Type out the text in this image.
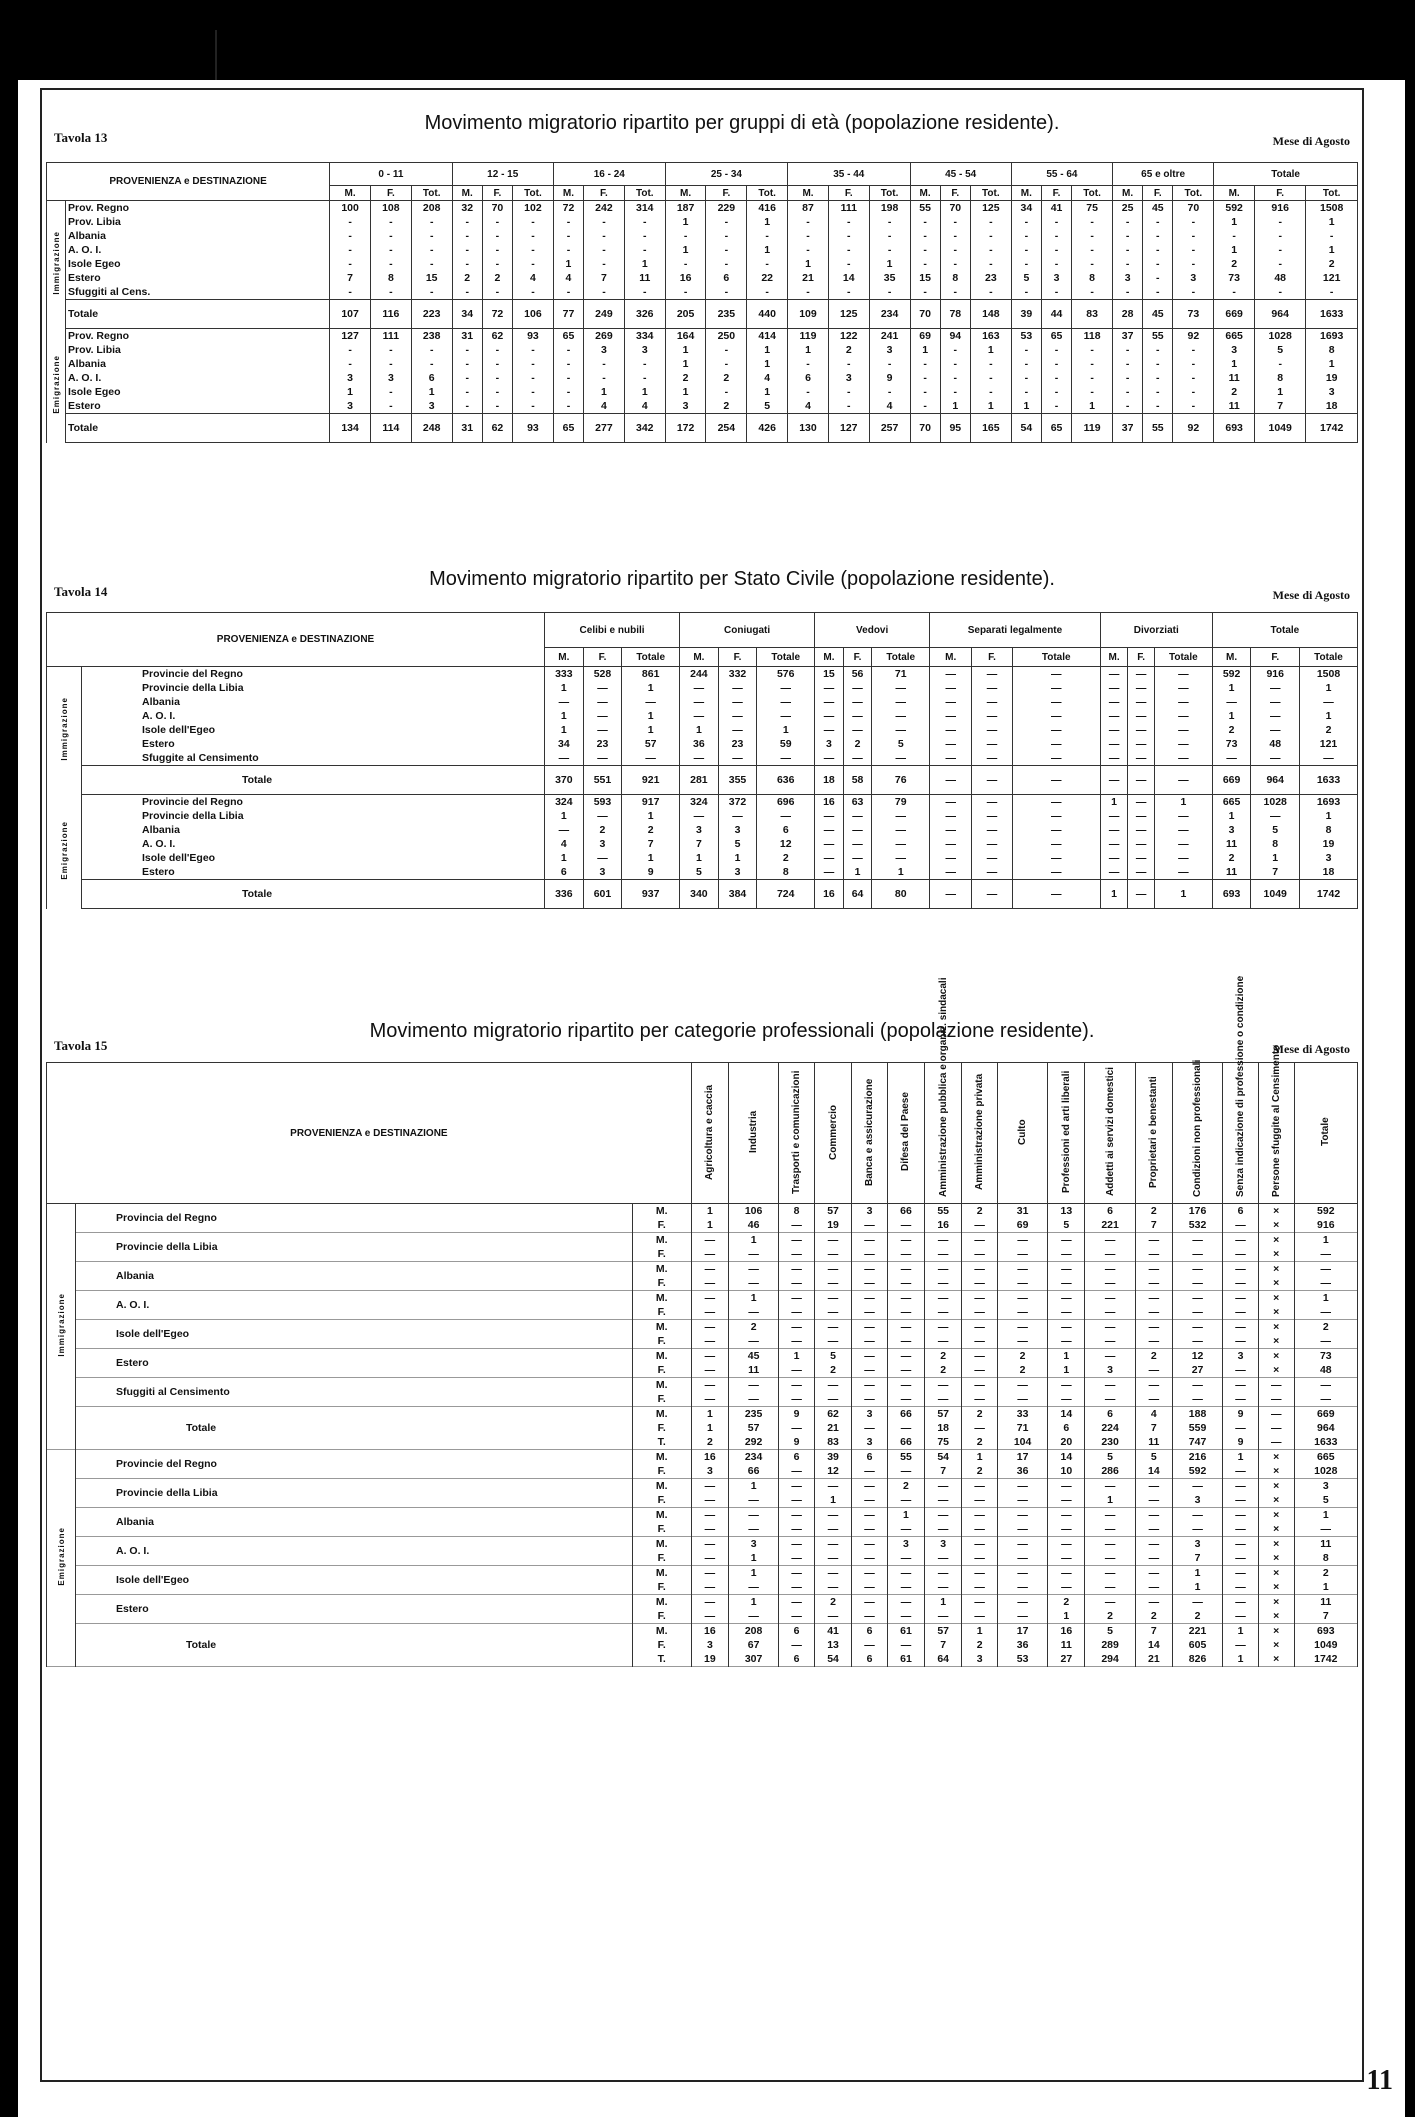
Tavola 13
Movimento migratorio ripartito per gruppi di età (popolazione residente).
Mese di Agosto
PROVENIENZA e DESTINAZIONE		0 - 11			12 - 15			16 - 24			25 - 34			35 - 44			45 - 54			55 - 64			65 e oltre			Totale		
		M.	F.	Tot.	M.	F.	Tot.	M.	F.	Tot.	M.	F.	Tot.	M.	F.	Tot.	M.	F.	Tot.	M.	F.	Tot.	M.	F.	Tot.	M.	F.	Tot.
Immigrazione	Prov. Regno	100	108	208	32	70	102	72	242	314	187	229	416	87	111	198	55	70	125	34	41	75	25	45	70	592	916	1508
	Prov. Libia	-	-	-	-	-	-	-	-	-	1	-	1	-	-	-	-	-	-	-	-	-	-	-	-	1	-	1
	Albania	-	-	-	-	-	-	-	-	-	-	-	-	-	-	-	-	-	-	-	-	-	-	-	-	-	-	-
	A. O. I.	-	-	-	-	-	-	-	-	-	1	-	1	-	-	-	-	-	-	-	-	-	-	-	-	1	-	1
	Isole Egeo	-	-	-	-	-	-	1	-	1	-	-	-	1	-	1	-	-	-	-	-	-	-	-	-	2	-	2
	Estero	7	8	15	2	2	4	4	7	11	16	6	22	21	14	35	15	8	23	5	3	8	3	-	3	73	48	121
	Sfuggiti al Cens.	-	-	-	-	-	-	-	-	-	-	-	-	-	-	-	-	-	-	-	-	-	-	-	-	-	-	-
	Totale	107	116	223	34	72	106	77	249	326	205	235	440	109	125	234	70	78	148	39	44	83	28	45	73	669	964	1633
Emigrazione	Prov. Regno	127	111	238	31	62	93	65	269	334	164	250	414	119	122	241	69	94	163	53	65	118	37	55	92	665	1028	1693
	Prov. Libia	-	-	-	-	-	-	-	3	3	1	-	1	1	2	3	1	-	1	-	-	-	-	-	-	3	5	8
	Albania	-	-	-	-	-	-	-	-	-	1	-	1	-	-	-	-	-	-	-	-	-	-	-	-	1	-	1
	A. O. I.	3	3	6	-	-	-	-	-	-	2	2	4	6	3	9	-	-	-	-	-	-	-	-	-	11	8	19
	Isole Egeo	1	-	1	-	-	-	-	1	1	1	-	1	-	-	-	-	-	-	-	-	-	-	-	-	2	1	3
	Estero	3	-	3	-	-	-	-	4	4	3	2	5	4	-	4	-	1	1	1	-	1	-	-	-	11	7	18
	Totale	134	114	248	31	62	93	65	277	342	172	254	426	130	127	257	70	95	165	54	65	119	37	55	92	693	1049	1742
Tavola 14
Movimento migratorio ripartito per Stato Civile (popolazione residente).
Mese di Agosto
PROVENIENZA e DESTINAZIONE		Celibi e nubili			Coniugati			Vedovi			Separati legalmente			Divorziati			Totale		
		M.	F.	Totale	M.	F.	Totale	M.	F.	Totale	M.	F.	Totale	M.	F.	Totale	M.	F.	Totale
Immigrazione	Provincie del Regno	333	528	861	244	332	576	15	56	71	—	—	—	—	—	—	592	916	1508
	Provincie della Libia	1	—	1	—	—	—	—	—	—	—	—	—	—	—	—	1	—	1
	Albania	—	—	—	—	—	—	—	—	—	—	—	—	—	—	—	—	—	—
	A. O. I.	1	—	1	—	—	—	—	—	—	—	—	—	—	—	—	1	—	1
	Isole dell'Egeo	1	—	1	1	—	1	—	—	—	—	—	—	—	—	—	2	—	2
	Estero	34	23	57	36	23	59	3	2	5	—	—	—	—	—	—	73	48	121
	Sfuggite al Censimento	—	—	—	—	—	—	—	—	—	—	—	—	—	—	—	—	—	—
	Totale	370	551	921	281	355	636	18	58	76	—	—	—	—	—	—	669	964	1633
Emigrazione	Provincie del Regno	324	593	917	324	372	696	16	63	79	—	—	—	1	—	1	665	1028	1693
	Provincie della Libia	1	—	1	—	—	—	—	—	—	—	—	—	—	—	—	1	—	1
	Albania	—	2	2	3	3	6	—	—	—	—	—	—	—	—	—	3	5	8
	A. O. I.	4	3	7	7	5	12	—	—	—	—	—	—	—	—	—	11	8	19
	Isole dell'Egeo	1	—	1	1	1	2	—	—	—	—	—	—	—	—	—	2	1	3
	Estero	6	3	9	5	3	8	—	1	1	—	—	—	—	—	—	11	7	18
	Totale	336	601	937	340	384	724	16	64	80	—	—	—	1	—	1	693	1049	1742
Tavola 15
Movimento migratorio ripartito per categorie professionali (popolazione residente).
Mese di Agosto
PROVENIENZA e DESTINAZIONE			Agricoltura e caccia	Industria	Trasporti e comunicazioni	Commercio	Banca e assicurazione	Difesa del Paese	Amministrazione pubblica e organiz. sindacali	Amministrazione privata	Culto	Professioni ed arti liberali	Addetti ai servizi domestici	Proprietari e benestanti	Condizioni non professionali	Senza indicazione di professione o condizione	Persone sfuggite al Censimento	Totale
Immigrazione	Provincia del Regno	M.	1	106	8	57	3	66	55	2	31	13	6	2	176	6	×	592
		F.	1	46	—	19	—	—	16	—	69	5	221	7	532	—	×	916
	Provincie della Libia	M.	—	1	—	—	—	—	—	—	—	—	—	—	—	—	×	1
		F.	—	—	—	—	—	—	—	—	—	—	—	—	—	—	×	—
	Albania	M.	—	—	—	—	—	—	—	—	—	—	—	—	—	—	×	—
		F.	—	—	—	—	—	—	—	—	—	—	—	—	—	—	×	—
	A. O. I.	M.	—	1	—	—	—	—	—	—	—	—	—	—	—	—	×	1
		F.	—	—	—	—	—	—	—	—	—	—	—	—	—	—	×	—
	Isole dell'Egeo	M.	—	2	—	—	—	—	—	—	—	—	—	—	—	—	×	2
		F.	—	—	—	—	—	—	—	—	—	—	—	—	—	—	×	—
	Estero	M.	—	45	1	5	—	—	2	—	2	1	—	2	12	3	×	73
		F.	—	11	—	2	—	—	2	—	2	1	3	—	27	—	×	48
	Sfuggiti al Censimento	M.	—	—	—	—	—	—	—	—	—	—	—	—	—	—	—	—
		F.	—	—	—	—	—	—	—	—	—	—	—	—	—	—	—	—
	Totale	M.	1	235	9	62	3	66	57	2	33	14	6	4	188	9	—	669
		F.	1	57	—	21	—	—	18	—	71	6	224	7	559	—	—	964
		T.	2	292	9	83	3	66	75	2	104	20	230	11	747	9	—	1633
Emigrazione	Provincie del Regno	M.	16	234	6	39	6	55	54	1	17	14	5	5	216	1	×	665
		F.	3	66	—	12	—	—	7	2	36	10	286	14	592	—	×	1028
	Provincie della Libia	M.	—	1	—	—	—	2	—	—	—	—	—	—	—	—	×	3
		F.	—	—	—	1	—	—	—	—	—	—	1	—	3	—	×	5
	Albania	M.	—	—	—	—	—	1	—	—	—	—	—	—	—	—	×	1
		F.	—	—	—	—	—	—	—	—	—	—	—	—	—	—	×	—
	A. O. I.	M.	—	3	—	—	—	3	3	—	—	—	—	—	3	—	×	11
		F.	—	1	—	—	—	—	—	—	—	—	—	—	7	—	×	8
	Isole dell'Egeo	M.	—	1	—	—	—	—	—	—	—	—	—	—	1	—	×	2
		F.	—	—	—	—	—	—	—	—	—	—	—	—	1	—	×	1
	Estero	M.	—	1	—	2	—	—	1	—	—	2	—	—	—	—	×	11
		F.	—	—	—	—	—	—	—	—	—	1	2	2	2	—	×	7
	Totale	M.	16	208	6	41	6	61	57	1	17	16	5	7	221	1	×	693
		F.	3	67	—	13	—	—	7	2	36	11	289	14	605	—	×	1049
		T.	19	307	6	54	6	61	64	3	53	27	294	21	826	1	×	1742
11
